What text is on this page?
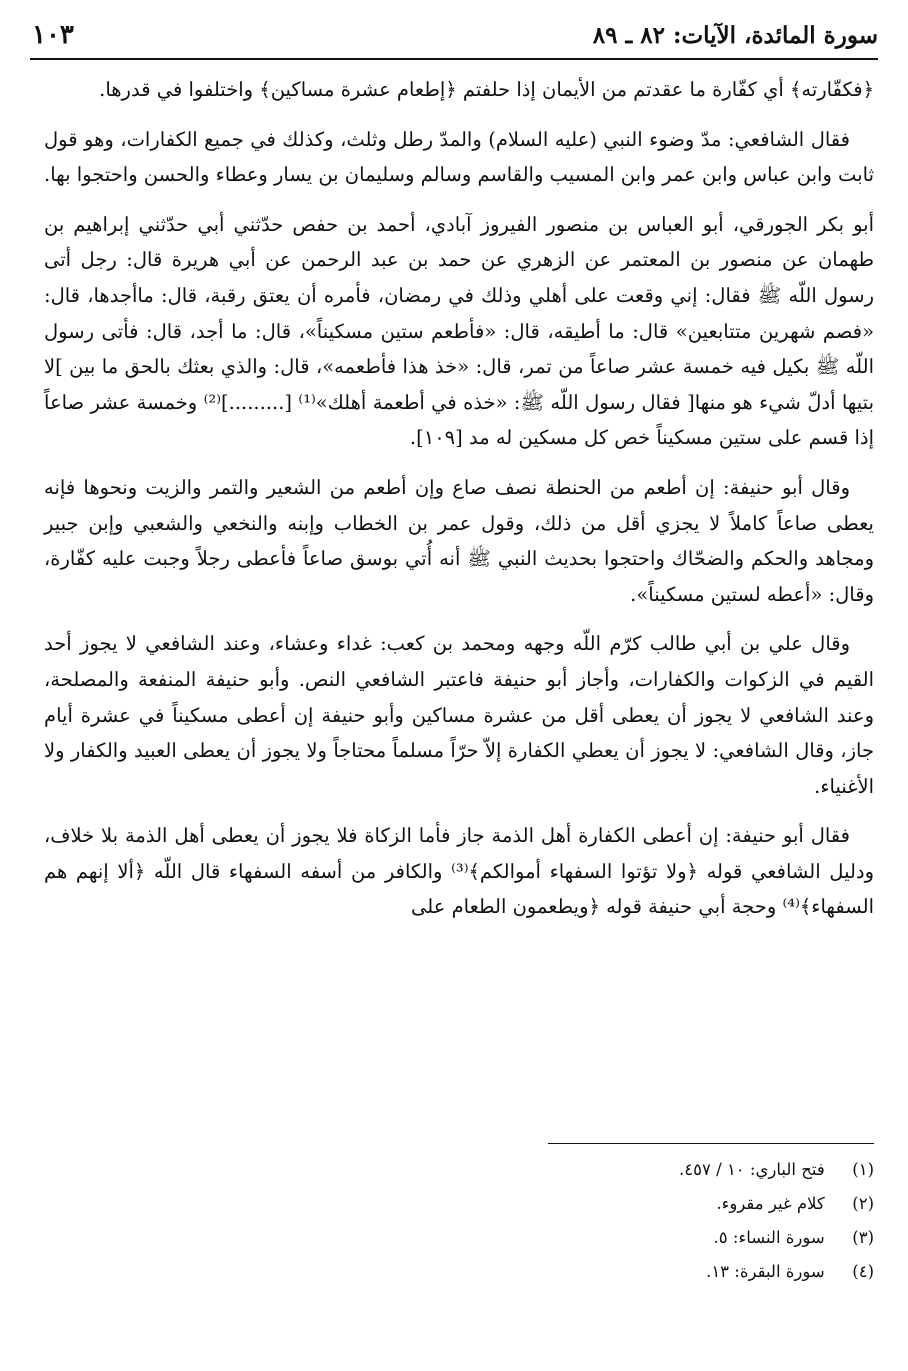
سورة المائدة، الآيات: ٨٢ ـ ٨٩
١٠٣

﴿فكفّارته﴾ أي كفّارة ما عقدتم من الأيمان إذا حلفتم ﴿إطعام عشرة مساكين﴾ واختلفوا في قدرها.

فقال الشافعي: مدّ وضوء النبي (عليه السلام) والمدّ رطل وثلث، وكذلك في جميع الكفارات، وهو قول ثابت وابن عباس وابن عمر وابن المسيب والقاسم وسالم وسليمان بن يسار وعطاء والحسن واحتجوا بها.

أبو بكر الجورقي، أبو العباس بن منصور الفيروز آبادي، أحمد بن حفص حدّثني أبي حدّثني إبراهيم بن طهمان عن منصور بن المعتمر عن الزهري عن حمد بن عبد الرحمن عن أبي هريرة قال: رجل أتى رسول اللّه ﷺ فقال: إني وقعت على أهلي وذلك في رمضان، فأمره أن يعتق رقبة، قال: ماأجدها، قال: «فصم شهرين متتابعين» قال: ما أطيقه، قال: «فأطعم ستين مسكيناً»، قال: ما أجد، قال: فأتى رسول اللّه ﷺ بكيل فيه خمسة عشر صاعاً من تمر، قال: «خذ هذا فأطعمه»، قال: والذي بعثك بالحق ما بين ]لا بتيها أدلّ شيء هو منها[ فقال رسول اللّه ﷺ: «خذه في أطعمة أهلك»⁽¹⁾ [.........]⁽²⁾ وخمسة عشر صاعاً إذا قسم على ستين مسكيناً خص كل مسكين له مد [١٠٩].

وقال أبو حنيفة: إن أطعم من الحنطة نصف صاع وإن أطعم من الشعير والتمر والزيت ونحوها فإنه يعطى صاعاً كاملاً لا يجزي أقل من ذلك، وقول عمر بن الخطاب وإبنه والنخعي والشعبي وإبن جبير ومجاهد والحكم والضحّاك واحتجوا بحديث النبي ﷺ أنه أُتي بوسق صاعاً فأعطى رجلاً وجبت عليه كفّارة، وقال: «أعطه لستين مسكيناً».

وقال علي بن أبي طالب كرّم اللّه وجهه ومحمد بن كعب: غداء وعشاء، وعند الشافعي لا يجوز أحد القيم في الزكوات والكفارات، وأجاز أبو حنيفة فاعتبر الشافعي النص. وأبو حنيفة المنفعة والمصلحة، وعند الشافعي لا يجوز أن يعطى أقل من عشرة مساكين وأبو حنيفة إن أعطى مسكيناً في عشرة أيام جاز، وقال الشافعي: لا يجوز أن يعطي الكفارة إلاّ حرّاً مسلماً محتاجاً ولا يجوز أن يعطى العبيد والكفار ولا الأغنياء.

فقال أبو حنيفة: إن أعطى الكفارة أهل الذمة جاز فأما الزكاة فلا يجوز أن يعطى أهل الذمة بلا خلاف، ودليل الشافعي قوله ﴿ولا تؤتوا السفهاء أموالكم﴾⁽³⁾ والكافر من أسفه السفهاء قال اللّه ﴿ألا إنهم هم السفهاء﴾⁽⁴⁾ وحجة أبي حنيفة قوله ﴿ويطعمون الطعام على

(١) فتح الباري: ١٠ / ٤٥٧.
(٢) كلام غير مقروء.
(٣) سورة النساء: ٥.
(٤) سورة البقرة: ١٣.
